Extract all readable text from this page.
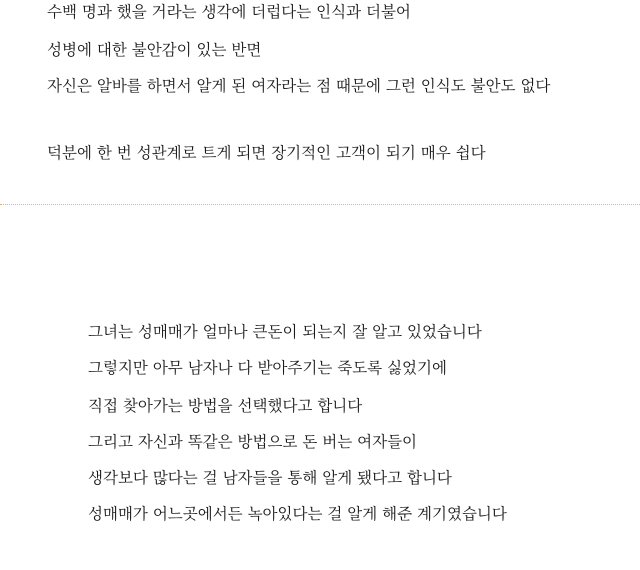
수백 명과 했을 거라는 생각에 더럽다는 인식과 더불어
성병에 대한 불안감이 있는 반면
자신은 알바를 하면서 알게 된 여자라는 점 때문에 그런 인식도 불안도 없다
덕분에 한 번 성관계로 트게 되면 장기적인 고객이 되기 매우 쉽다
그녀는 성매매가 얼마나 큰돈이 되는지 잘 알고 있었습니다
그렇지만 아무 남자나 다 받아주기는 죽도록 싫었기에
직접 찾아가는 방법을 선택했다고 합니다
그리고 자신과 똑같은 방법으로 돈 버는 여자들이
생각보다 많다는 걸 남자들을 통해 알게 됐다고 합니다
성매매가 어느곳에서든 녹아있다는 걸 알게 해준 계기였습니다
